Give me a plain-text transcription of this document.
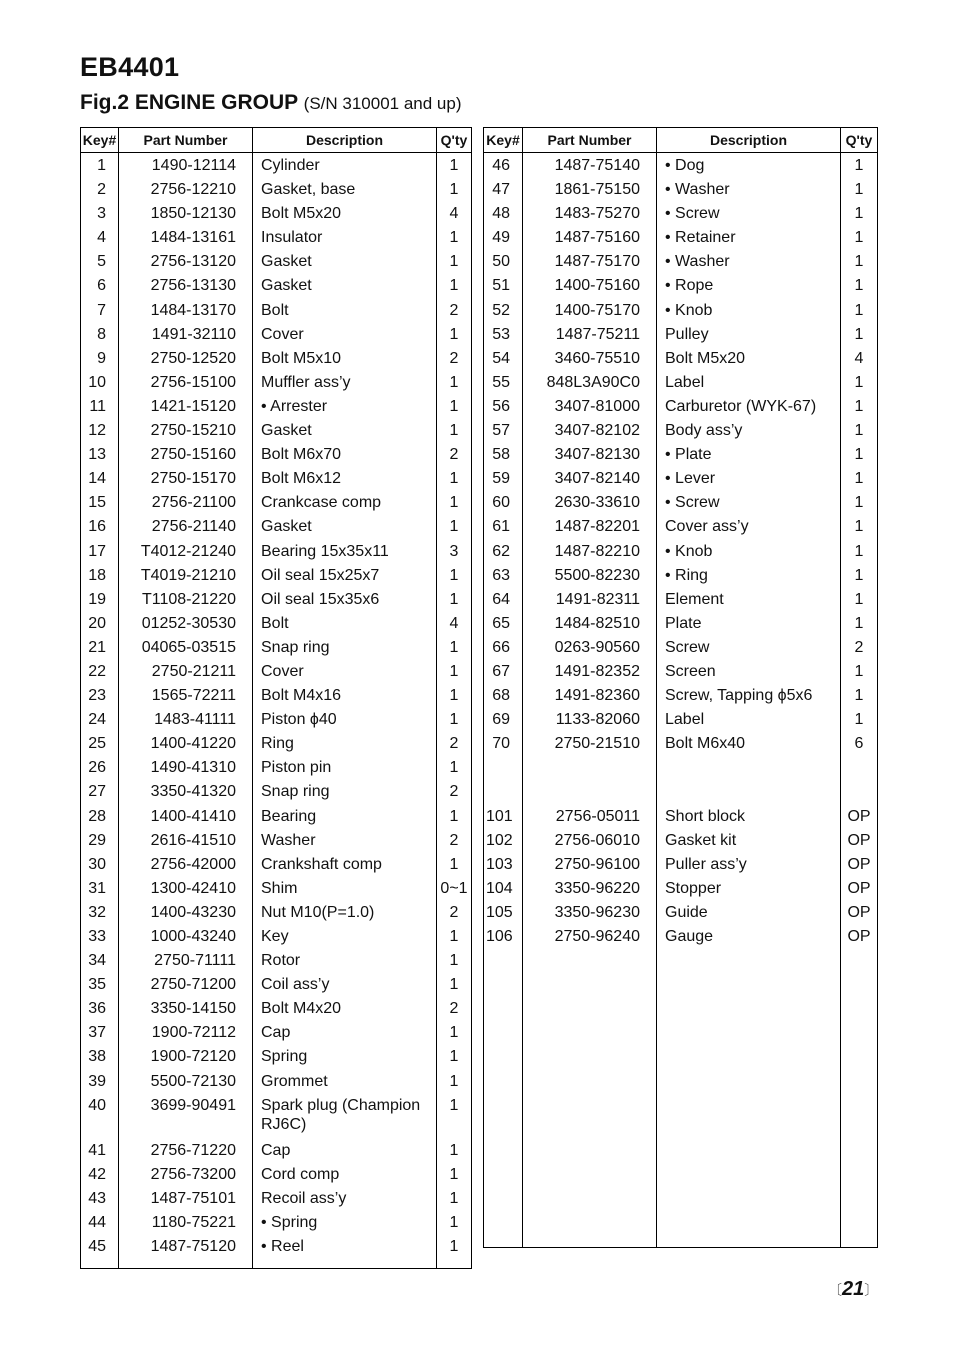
EB4401
Fig.2 ENGINE GROUP (S/N 310001 and up)
Key#	Part Number	Description	Q'ty
1	1490-12114	Cylinder	1
2	2756-12210	Gasket, base	1
3	1850-12130	Bolt M5x20	4
4	1484-13161	Insulator	1
5	2756-13120	Gasket	1
6	2756-13130	Gasket	1
7	1484-13170	Bolt	2
8	1491-32110	Cover	1
9	2750-12520	Bolt M5x10	2
10	2756-15100	Muffler ass’y	1
11	1421-15120	• Arrester	1
12	2750-15210	Gasket	1
13	2750-15160	Bolt M6x70	2
14	2750-15170	Bolt M6x12	1
15	2756-21100	Crankcase comp	1
16	2756-21140	Gasket	1
17	T4012-21240	Bearing 15x35x11	3
18	T4019-21210	Oil seal 15x25x7	1
19	T1108-21220	Oil seal 15x35x6	1
20	01252-30530	Bolt	4
21	04065-03515	Snap ring	1
22	2750-21211	Cover	1
23	1565-72211	Bolt M4x16	1
24	1483-41111	Piston ϕ40	1
25	1400-41220	Ring	2
26	1490-41310	Piston pin	1
27	3350-41320	Snap ring	2
28	1400-41410	Bearing	1
29	2616-41510	Washer	2
30	2756-42000	Crankshaft comp	1
31	1300-42410	Shim	0~1
32	1400-43230	Nut M10(P=1.0)	2
33	1000-43240	Key	1
34	2750-71111	Rotor	1
35	2750-71200	Coil ass’y	1
36	3350-14150	Bolt M4x20	2
37	1900-72112	Cap	1
38	1900-72120	Spring	1
39	5500-72130	Grommet	1
40	3699-90491	Spark plug (Champion RJ6C)	1
41	2756-71220	Cap	1
42	2756-73200	Cord comp	1
43	1487-75101	Recoil ass’y	1
44	1180-75221	• Spring	1
45	1487-75120	• Reel	1
Key#	Part Number	Description	Q'ty
46	1487-75140	• Dog	1
47	1861-75150	• Washer	1
48	1483-75270	• Screw	1
49	1487-75160	• Retainer	1
50	1487-75170	• Washer	1
51	1400-75160	• Rope	1
52	1400-75170	• Knob	1
53	1487-75211	Pulley	1
54	3460-75510	Bolt M5x20	4
55	848L3A90C0	Label	1
56	3407-81000	Carburetor (WYK-67)	1
57	3407-82102	Body ass’y	1
58	3407-82130	• Plate	1
59	3407-82140	• Lever	1
60	2630-33610	• Screw	1
61	1487-82201	Cover ass’y	1
62	1487-82210	• Knob	1
63	5500-82230	• Ring	1
64	1491-82311	Element	1
65	1484-82510	Plate	1
66	0263-90560	Screw	2
67	1491-82352	Screen	1
68	1491-82360	Screw, Tapping ϕ5x6	1
69	1133-82060	Label	1
70	2750-21510	Bolt M6x40	6

101	2756-05011	Short block	OP
102	2756-06010	Gasket kit	OP
103	2750-96100	Puller ass’y	OP
104	3350-96220	Stopper	OP
105	3350-96230	Guide	OP
106	2750-96240	Gauge	OP

〔21〕
